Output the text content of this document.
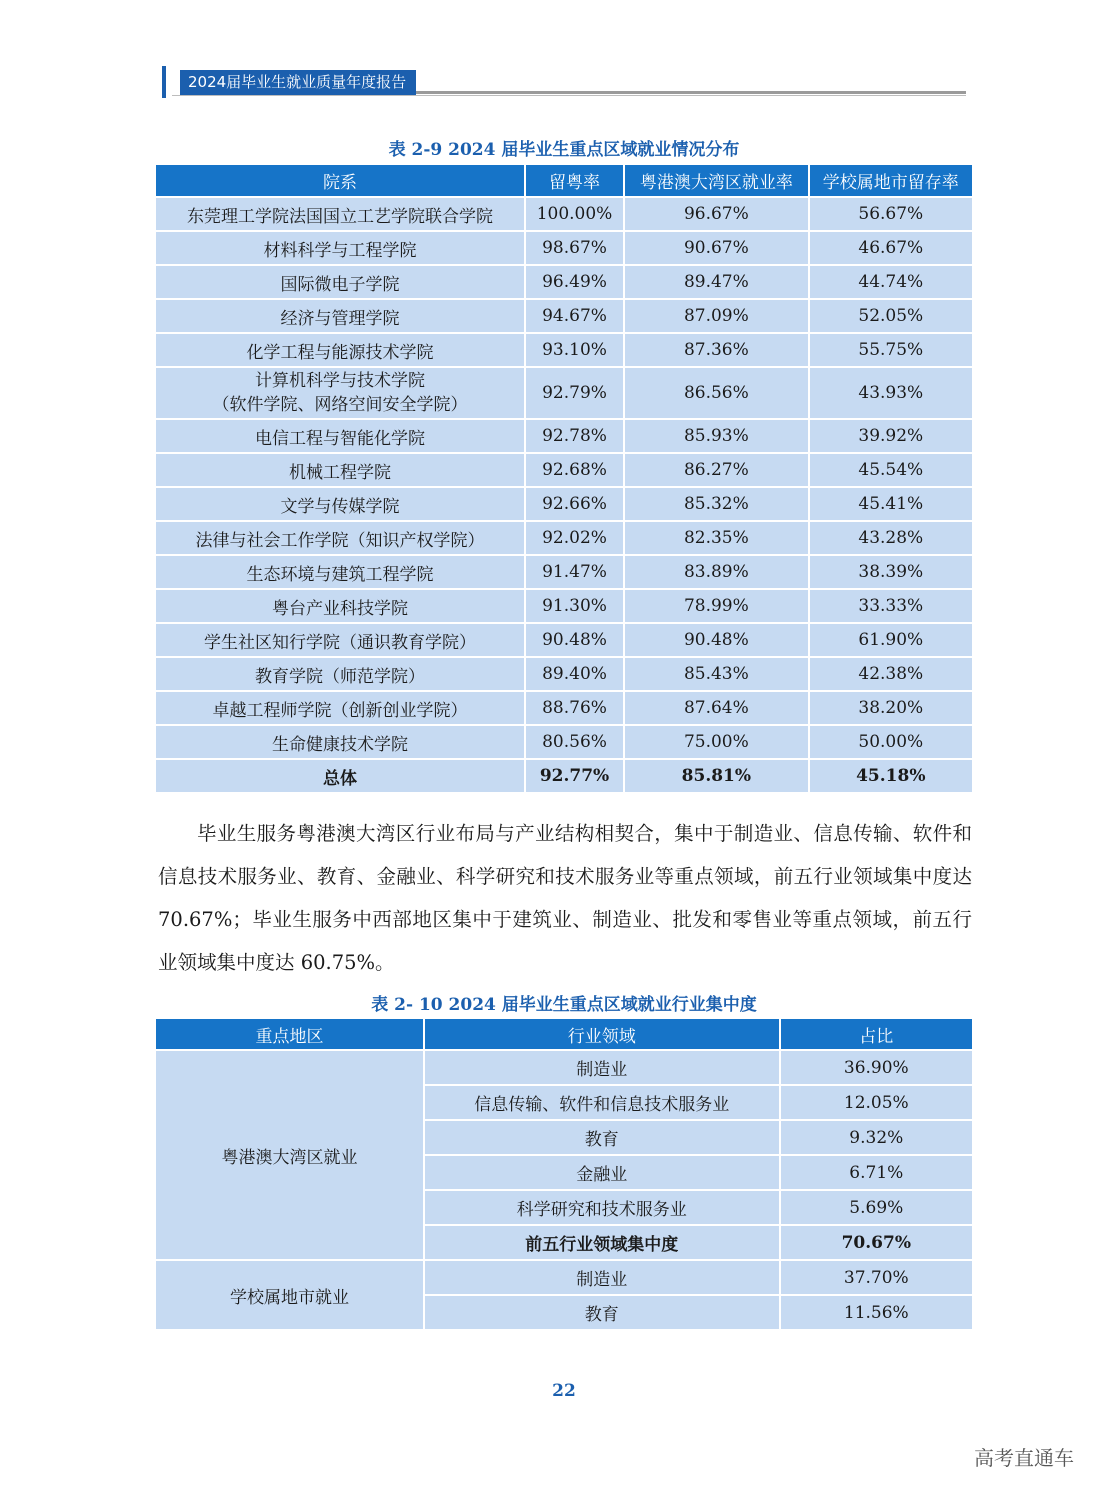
2024届毕业生就业质量年度报告
表 2-9 2024 届毕业生重点区域就业情况分布
院系	留粤率	粤港澳大湾区就业率	学校属地市留存率
东莞理工学院法国国立工艺学院联合学院	100.00%	96.67%	56.67%
材料科学与工程学院	98.67%	90.67%	46.67%
国际微电子学院	96.49%	89.47%	44.74%
经济与管理学院	94.67%	87.09%	52.05%
化学工程与能源技术学院	93.10%	87.36%	55.75%

计算机科学与技术学院
（软件学院、网络空间安全学院）	92.79%	86.56%	43.93%
电信工程与智能化学院	92.78%	85.93%	39.92%
机械工程学院	92.68%	86.27%	45.54%
文学与传媒学院	92.66%	85.32%	45.41%
法律与社会工作学院（知识产权学院）	92.02%	82.35%	43.28%
生态环境与建筑工程学院	91.47%	83.89%	38.39%
粤台产业科技学院	91.30%	78.99%	33.33%
学生社区知行学院（通识教育学院）	90.48%	90.48%	61.90%
教育学院（师范学院）	89.40%	85.43%	42.38%
卓越工程师学院（创新创业学院）	88.76%	87.64%	38.20%
生命健康技术学院	80.56%	75.00%	50.00%
总体	92.77%	85.81%	45.18%

毕业生服务粤港澳大湾区行业布局与产业结构相契合，集中于制造业、信息传输、软件和信息技术服务业、教育、金融业、科学研究和技术服务业等重点领域，前五行业领域集中度达 70.67%；毕业生服务中西部地区集中于建筑业、制造业、批发和零售业等重点领域，前五行业领域集中度达 60.75%。

表 2- 10 2024 届毕业生重点区域就业行业集中度
重点地区	行业领域	占比
粤港澳大湾区就业	制造业	36.90%
	信息传输、软件和信息技术服务业	12.05%
	教育	9.32%
	金融业	6.71%
	科学研究和技术服务业	5.69%
	前五行业领域集中度	70.67%
学校属地市就业	制造业	37.70%
	教育	11.56%
22
高考直通车
